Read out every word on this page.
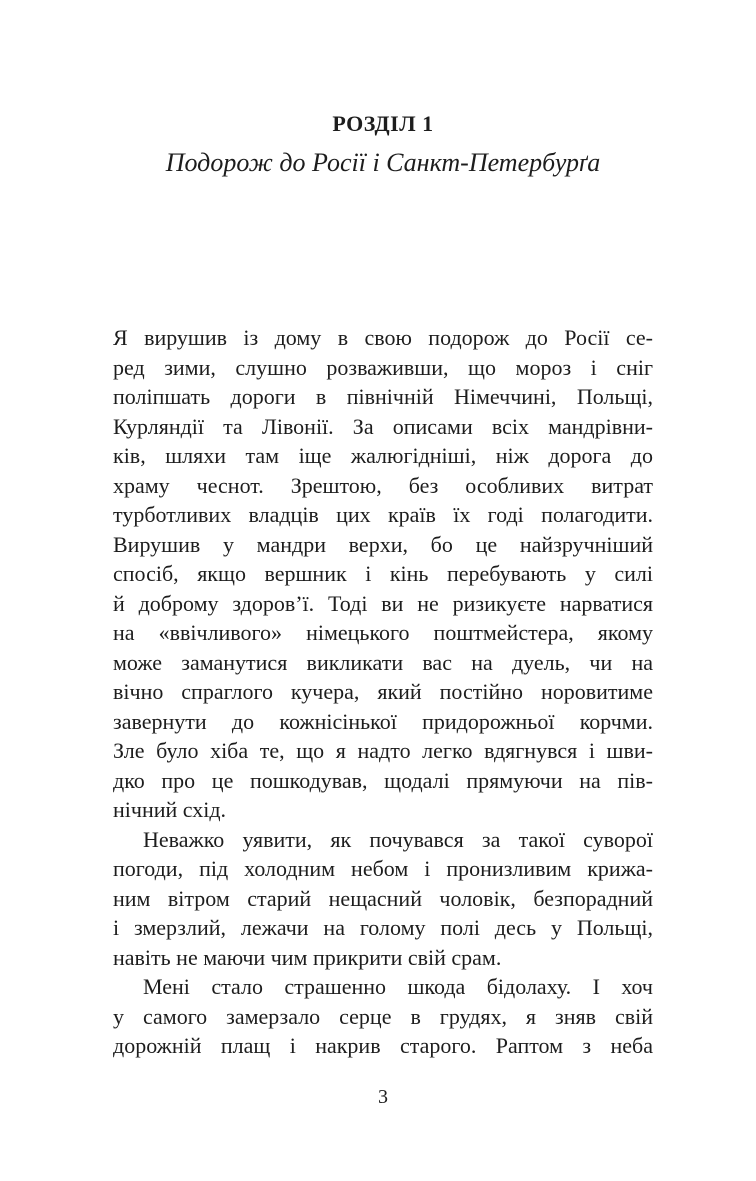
РОЗДІЛ 1
Подорож до Росії і Санкт-Петербурґа
Я вирушив із дому в свою подорож до Росії се-
ред зими, слушно розваживши, що мороз і сніг
поліпшать дороги в північній Німеччині, Польщі,
Курляндії та Лівонії. За описами всіх мандрівни-
ків, шляхи там іще жалюгідніші, ніж дорога до
храму чеснот. Зрештою, без особливих витрат
турботливих владців цих країв їх годі полагодити.
Вирушив у мандри верхи, бо це найзручніший
спосіб, якщо вершник і кінь перебувають у силі
й доброму здоров’ї. Тоді ви не ризикуєте нарватися
на «ввічливого» німецького поштмейстера, якому
може заманутися викликати вас на дуель, чи на
вічно спраглого кучера, який постійно норовитиме
завернути до кожнісінької придорожньої корчми.
Зле було хіба те, що я надто легко вдягнувся і шви-
дко про це пошкодував, щодалі прямуючи на пів-
нічний схід.
Неважко уявити, як почувався за такої суворої
погоди, під холодним небом і пронизливим крижа-
ним вітром старий нещасний чоловік, безпорадний
і змерзлий, лежачи на голому полі десь у Польщі,
навіть не маючи чим прикрити свій срам.
Мені стало страшенно шкода бідолаху. І хоч
у самого замерзало серце в грудях, я зняв свій
дорожній плащ і накрив старого. Раптом з неба
3
